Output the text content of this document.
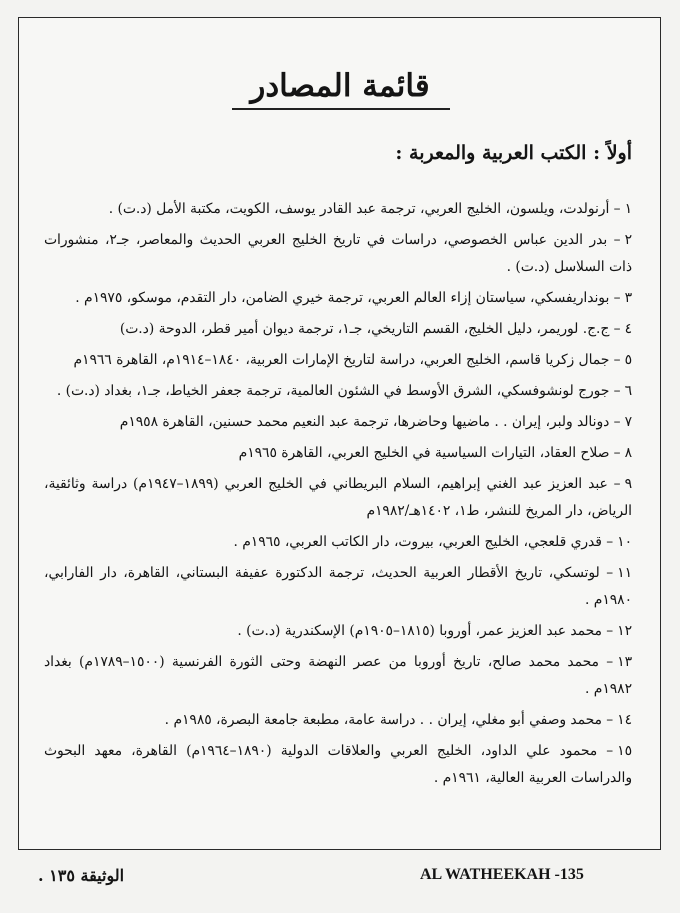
قائمة المصادر
أولاً : الكتب العربية والمعربة :

١– أرنولدت، ويلسون، الخليج العربي، ترجمة عبد القادر يوسف، الكويت، مكتبة الأمل (د.ت) .

٢– بدر الدين عباس الخصوصي، دراسات في تاريخ الخليج العربي الحديث والمعاصر، جـ٢، منشورات ذات السلاسل (د.ت) .

٣– بونداريفسكي، سياستان إزاء العالم العربي، ترجمة خيري الضامن، دار التقدم، موسكو، ١٩٧٥م .

٤– ج.ج. لوريمر، دليل الخليج، القسم التاريخي، جـ١، ترجمة ديوان أمير قطر، الدوحة (د.ت)

٥– جمال زكريا قاسم، الخليج العربي، دراسة لتاريخ الإمارات العربية، ١٨٤٠–١٩١٤م، القاهرة ١٩٦٦م

٦– جورج لونشوفسكي، الشرق الأوسط في الشئون العالمية، ترجمة جعفر الخياط، جـ١، بغداد (د.ت) .

٧– دونالد ولبر، إيران . . ماضيها وحاضرها، ترجمة عبد النعيم محمد حسنين، القاهرة ١٩٥٨م

٨– صلاح العقاد، التيارات السياسية في الخليج العربي، القاهرة ١٩٦٥م

٩– عبد العزيز عبد الغني إبراهيم، السلام البريطاني في الخليج العربي (١٨٩٩–١٩٤٧م) دراسة وثائقية، الرياض، دار المريخ للنشر، ط١، ١٤٠٢هـ/١٩٨٢م

١٠– قدري قلعجي، الخليج العربي، بيروت، دار الكاتب العربي، ١٩٦٥م .

١١– لوتسكي، تاريخ الأقطار العربية الحديث، ترجمة الدكتورة عفيفة البستاني، القاهرة، دار الفارابي، ١٩٨٠م .

١٢– محمد عبد العزيز عمر، أوروبا (١٨١٥–١٩٠٥م) الإسكندرية (د.ت) .

١٣– محمد محمد صالح، تاريخ أوروبا من عصر النهضة وحتى الثورة الفرنسية (١٥٠٠–١٧٨٩م) بغداد ١٩٨٢م .

١٤– محمد وصفي أبو مغلي، إيران . . دراسة عامة، مطبعة جامعة البصرة، ١٩٨٥م .

١٥– محمود علي الداود، الخليج العربي والعلاقات الدولية (١٨٩٠–١٩٦٤م) القاهرة، معهد البحوث والدراسات العربية العالية، ١٩٦١م .

الوثيقة ١٣٥ .	AL WATHEEKAH -135
